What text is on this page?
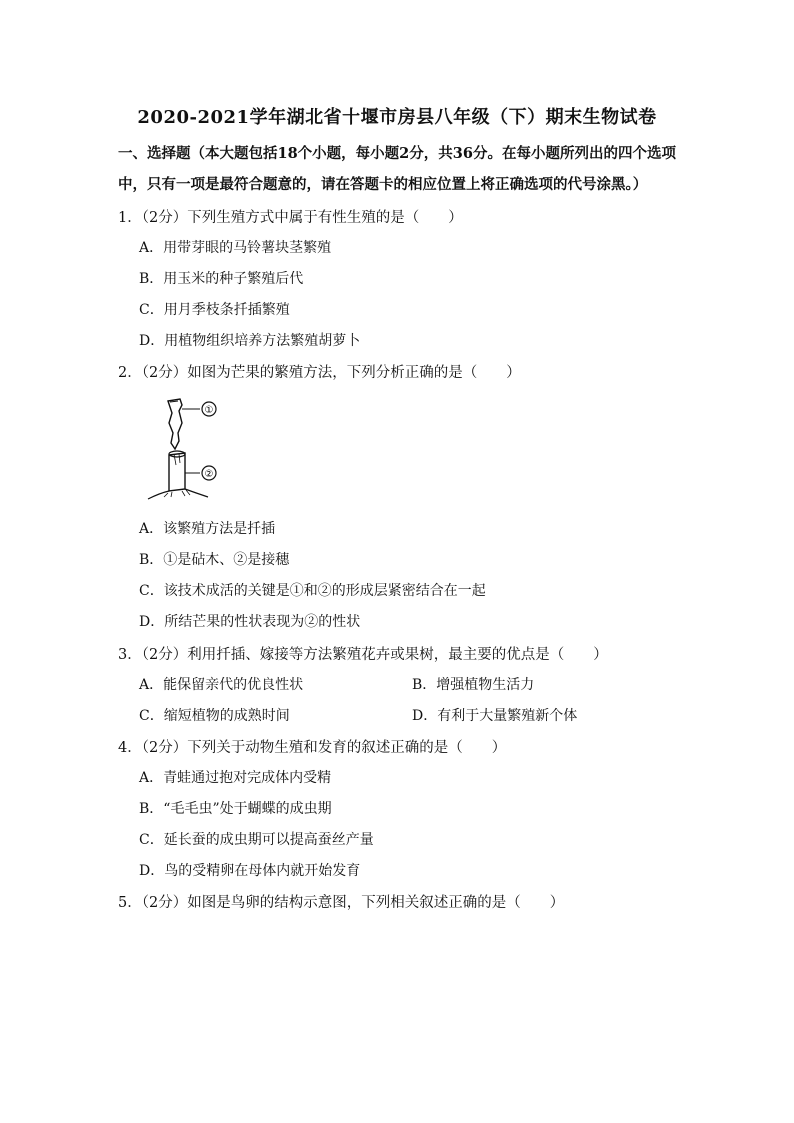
2020-2021学年湖北省十堰市房县八年级（下）期末生物试卷
一、选择题（本大题包括18个小题，每小题2分，共36分。在每小题所列出的四个选项
中，只有一项是最符合题意的，请在答题卡的相应位置上将正确选项的代号涂黑。）
1．（2分）下列生殖方式中属于有性生殖的是（　　）
A．用带芽眼的马铃薯块茎繁殖
B．用玉米的种子繁殖后代
C．用月季枝条扦插繁殖
D．用植物组织培养方法繁殖胡萝卜
2．（2分）如图为芒果的繁殖方法，下列分析正确的是（　　）
①
②
A．该繁殖方法是扦插
B．①是砧木、②是接穗
C．该技术成活的关键是①和②的形成层紧密结合在一起
D．所结芒果的性状表现为②的性状
3．（2分）利用扦插、嫁接等方法繁殖花卉或果树，最主要的优点是（　　）
A．能保留亲代的优良性状	B．增强植物生活力
C．缩短植物的成熟时间	D．有利于大量繁殖新个体
4．（2分）下列关于动物生殖和发育的叙述正确的是（　　）
A．青蛙通过抱对完成体内受精
B．“毛毛虫”处于蝴蝶的成虫期
C．延长蚕的成虫期可以提高蚕丝产量
D．鸟的受精卵在母体内就开始发育
5．（2分）如图是鸟卵的结构示意图，下列相关叙述正确的是（　　）
